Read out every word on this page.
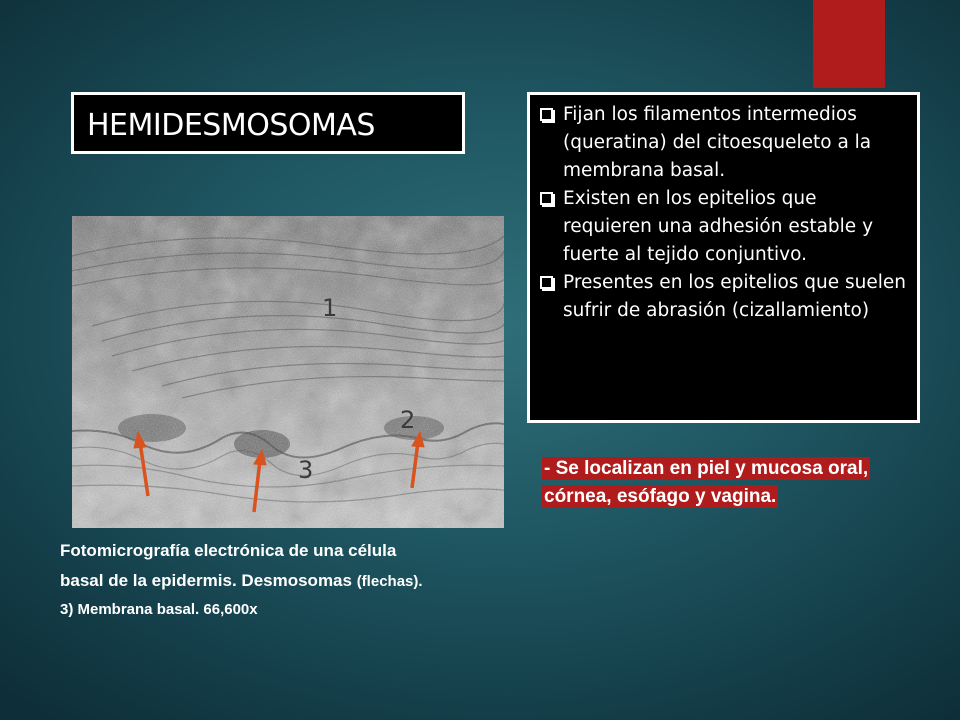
HEMIDESMOSOMAS	Fijan los filamentos intermedios (queratina) del citoesqueleto a la membrana basal.
Existen en los epitelios que requieren una adhesión estable y fuerte al tejido conjuntivo.
Presentes en los epitelios que suelen sufrir de abrasión (cizallamiento)
1
2
3	- Se localizan en piel y mucosa oral, córnea, esófago y vagina.
Fotomicrografía electrónica de una célula
basal de la epidermis. Desmosomas (flechas).
3) Membrana basal. 66,600x
